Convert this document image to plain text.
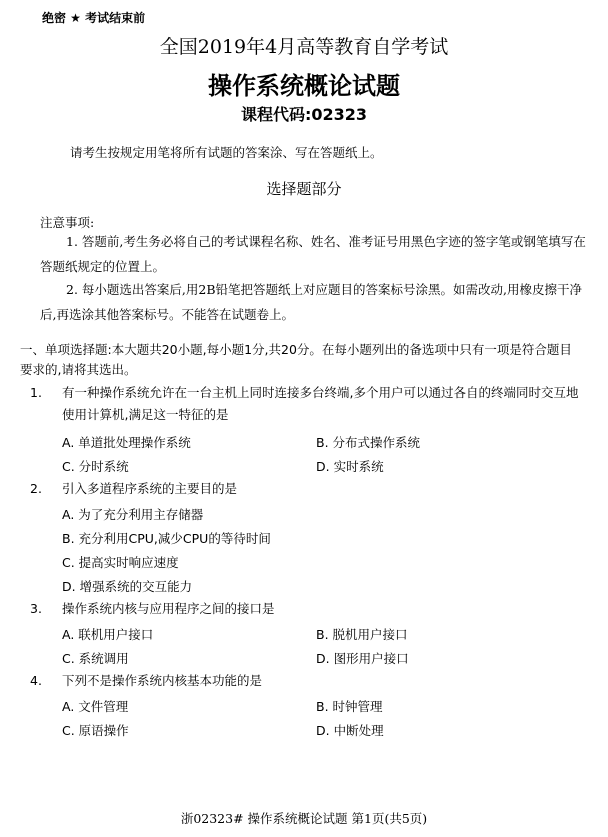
绝密 ★ 考试结束前
全国2019年4月高等教育自学考试
操作系统概论试题
课程代码:02323
请考生按规定用笔将所有试题的答案涂、写在答题纸上。
选择题部分
注意事项:
1. 答题前,考生务必将自己的考试课程名称、姓名、准考证号用黑色字迹的签字笔或钢笔填写在答题纸规定的位置上。
2. 每小题选出答案后,用2B铅笔把答题纸上对应题目的答案标号涂黑。如需改动,用橡皮擦干净后,再选涂其他答案标号。不能答在试题卷上。
一、单项选择题:本大题共20小题,每小题1分,共20分。在每小题列出的备选项中只有一项是符合题目要求的,请将其选出。
1. 有一种操作系统允许在一台主机上同时连接多台终端,多个用户可以通过各自的终端同时交互地使用计算机,满足这一特征的是
A. 单道批处理操作系统	B. 分布式操作系统
C. 分时系统	D. 实时系统
2. 引入多道程序系统的主要目的是
A. 为了充分利用主存储器
B. 充分利用CPU,减少CPU的等待时间
C. 提高实时响应速度
D. 增强系统的交互能力
3. 操作系统内核与应用程序之间的接口是
A. 联机用户接口	B. 脱机用户接口
C. 系统调用	D. 图形用户接口
4. 下列不是操作系统内核基本功能的是
A. 文件管理	B. 时钟管理
C. 原语操作	D. 中断处理
浙02323# 操作系统概论试题 第1页(共5页)
